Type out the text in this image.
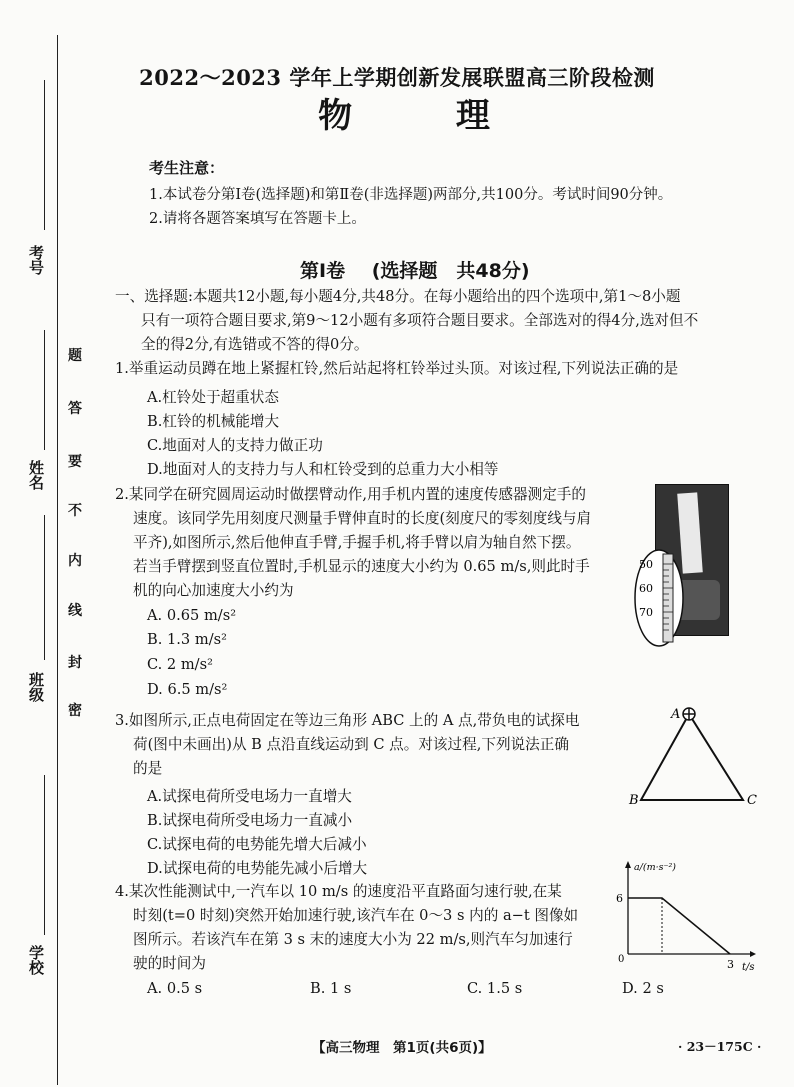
考号
姓名
班级
学校
题
答
要
不
内
线
封
密
2022～2023 学年上学期创新发展联盟高三阶段检测
物 理
考生注意：
1.本试卷分第Ⅰ卷(选择题)和第Ⅱ卷(非选择题)两部分,共100分。考试时间90分钟。
2.请将各题答案填写在答题卡上。
第Ⅰ卷 (选择题　共48分)
一、选择题:本题共12小题,每小题4分,共48分。在每小题给出的四个选项中,第1～8小题
只有一项符合题目要求,第9～12小题有多项符合题目要求。全部选对的得4分,选对但不
全的得2分,有选错或不答的得0分。
1.举重运动员蹲在地上紧握杠铃,然后站起将杠铃举过头顶。对该过程,下列说法正确的是
A.杠铃处于超重状态
B.杠铃的机械能增大
C.地面对人的支持力做正功
D.地面对人的支持力与人和杠铃受到的总重力大小相等
2.某同学在研究圆周运动时做摆臂动作,用手机内置的速度传感器测定手的
速度。该同学先用刻度尺测量手臂伸直时的长度(刻度尺的零刻度线与肩
平齐),如图所示,然后他伸直手臂,手握手机,将手臂以肩为轴自然下摆。
若当手臂摆到竖直位置时,手机显示的速度大小约为 0.65 m/s,则此时手
机的向心加速度大小约为
A. 0.65 m/s²
B. 1.3 m/s²
C. 2 m/s²
D. 6.5 m/s²
50
60
70
3.如图所示,正点电荷固定在等边三角形 ABC 上的 A 点,带负电的试探电
荷(图中未画出)从 B 点沿直线运动到 C 点。对该过程,下列说法正确
的是
A.试探电荷所受电场力一直增大
B.试探电荷所受电场力一直减小
C.试探电荷的电势能先增大后减小
D.试探电荷的电势能先减小后增大
A
B	C
4.某次性能测试中,一汽车以 10 m/s 的速度沿平直路面匀速行驶,在某
时刻(t=0 时刻)突然开始加速行驶,该汽车在 0～3 s 内的 a−t 图像如
图所示。若该汽车在第 3 s 末的速度大小为 22 m/s,则汽车匀加速行
驶的时间为
A. 0.5 s	B. 1 s	C. 1.5 s	D. 2 s
a/(m·s⁻²)
t/s
0
6
3
【高三物理　第1页(共6页)】	· 23－175C ·
